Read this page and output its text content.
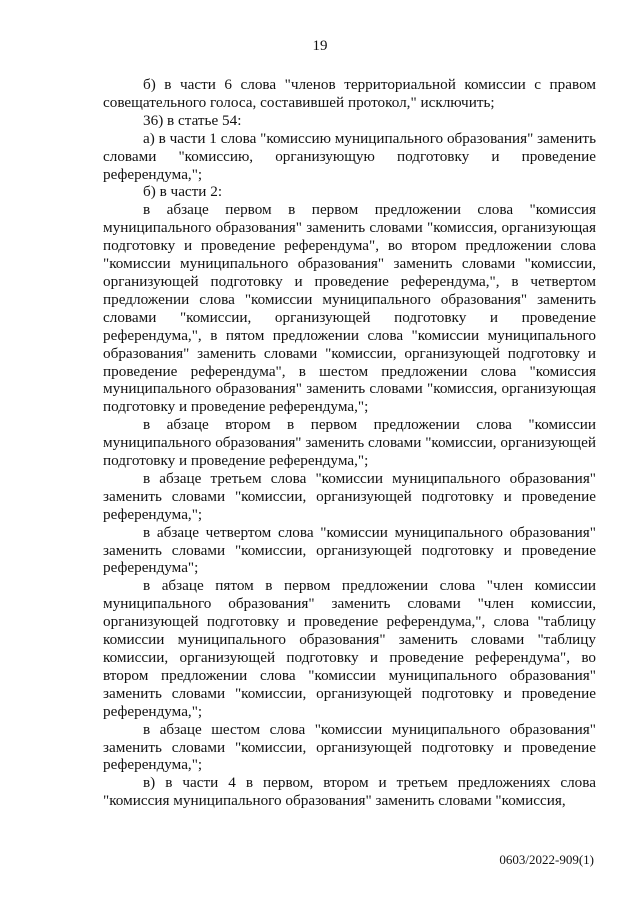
19

б) в части 6 слова "членов территориальной комиссии с правом совещательного голоса, составившей протокол," исключить;

36) в статье 54:

а) в части 1 слова "комиссию муниципального образования" заменить словами "комиссию, организующую подготовку и проведение референдума,";

б) в части 2:

в абзаце первом в первом предложении слова "комиссия муниципального образования" заменить словами "комиссия, организующая подготовку и проведение референдума", во втором предложении слова "комиссии муниципального образования" заменить словами "комиссии, организующей подготовку и проведение референдума,", в четвертом предложении слова "комиссии муниципального образования" заменить словами "комиссии, организующей подготовку и проведение референдума,", в пятом предложении слова "комиссии муниципального образования" заменить словами "комиссии, организующей подготовку и проведение референдума", в шестом предложении слова "комиссия муниципального образования" заменить словами "комиссия, организующая подготовку и проведение референдума,";

в абзаце втором в первом предложении слова "комиссии муниципального образования" заменить словами "комиссии, организующей подготовку и проведение референдума,";

в абзаце третьем слова "комиссии муниципального образования" заменить словами "комиссии, организующей подготовку и проведение референдума,";

в абзаце четвертом слова "комиссии муниципального образования" заменить словами "комиссии, организующей подготовку и проведение референдума";

в абзаце пятом в первом предложении слова "член комиссии муниципального образования" заменить словами "член комиссии, организующей подготовку и проведение референдума,", слова "таблицу комиссии муниципального образования" заменить словами "таблицу комиссии, организующей подготовку и проведение референдума", во втором предложении слова "комиссии муниципального образования" заменить словами "комиссии, организующей подготовку и проведение референдума,";

в абзаце шестом слова "комиссии муниципального образования" заменить словами "комиссии, организующей подготовку и проведение референдума,";

в) в части 4 в первом, втором и третьем предложениях слова "комиссия муниципального образования" заменить словами "комиссия,

0603/2022-909(1)
